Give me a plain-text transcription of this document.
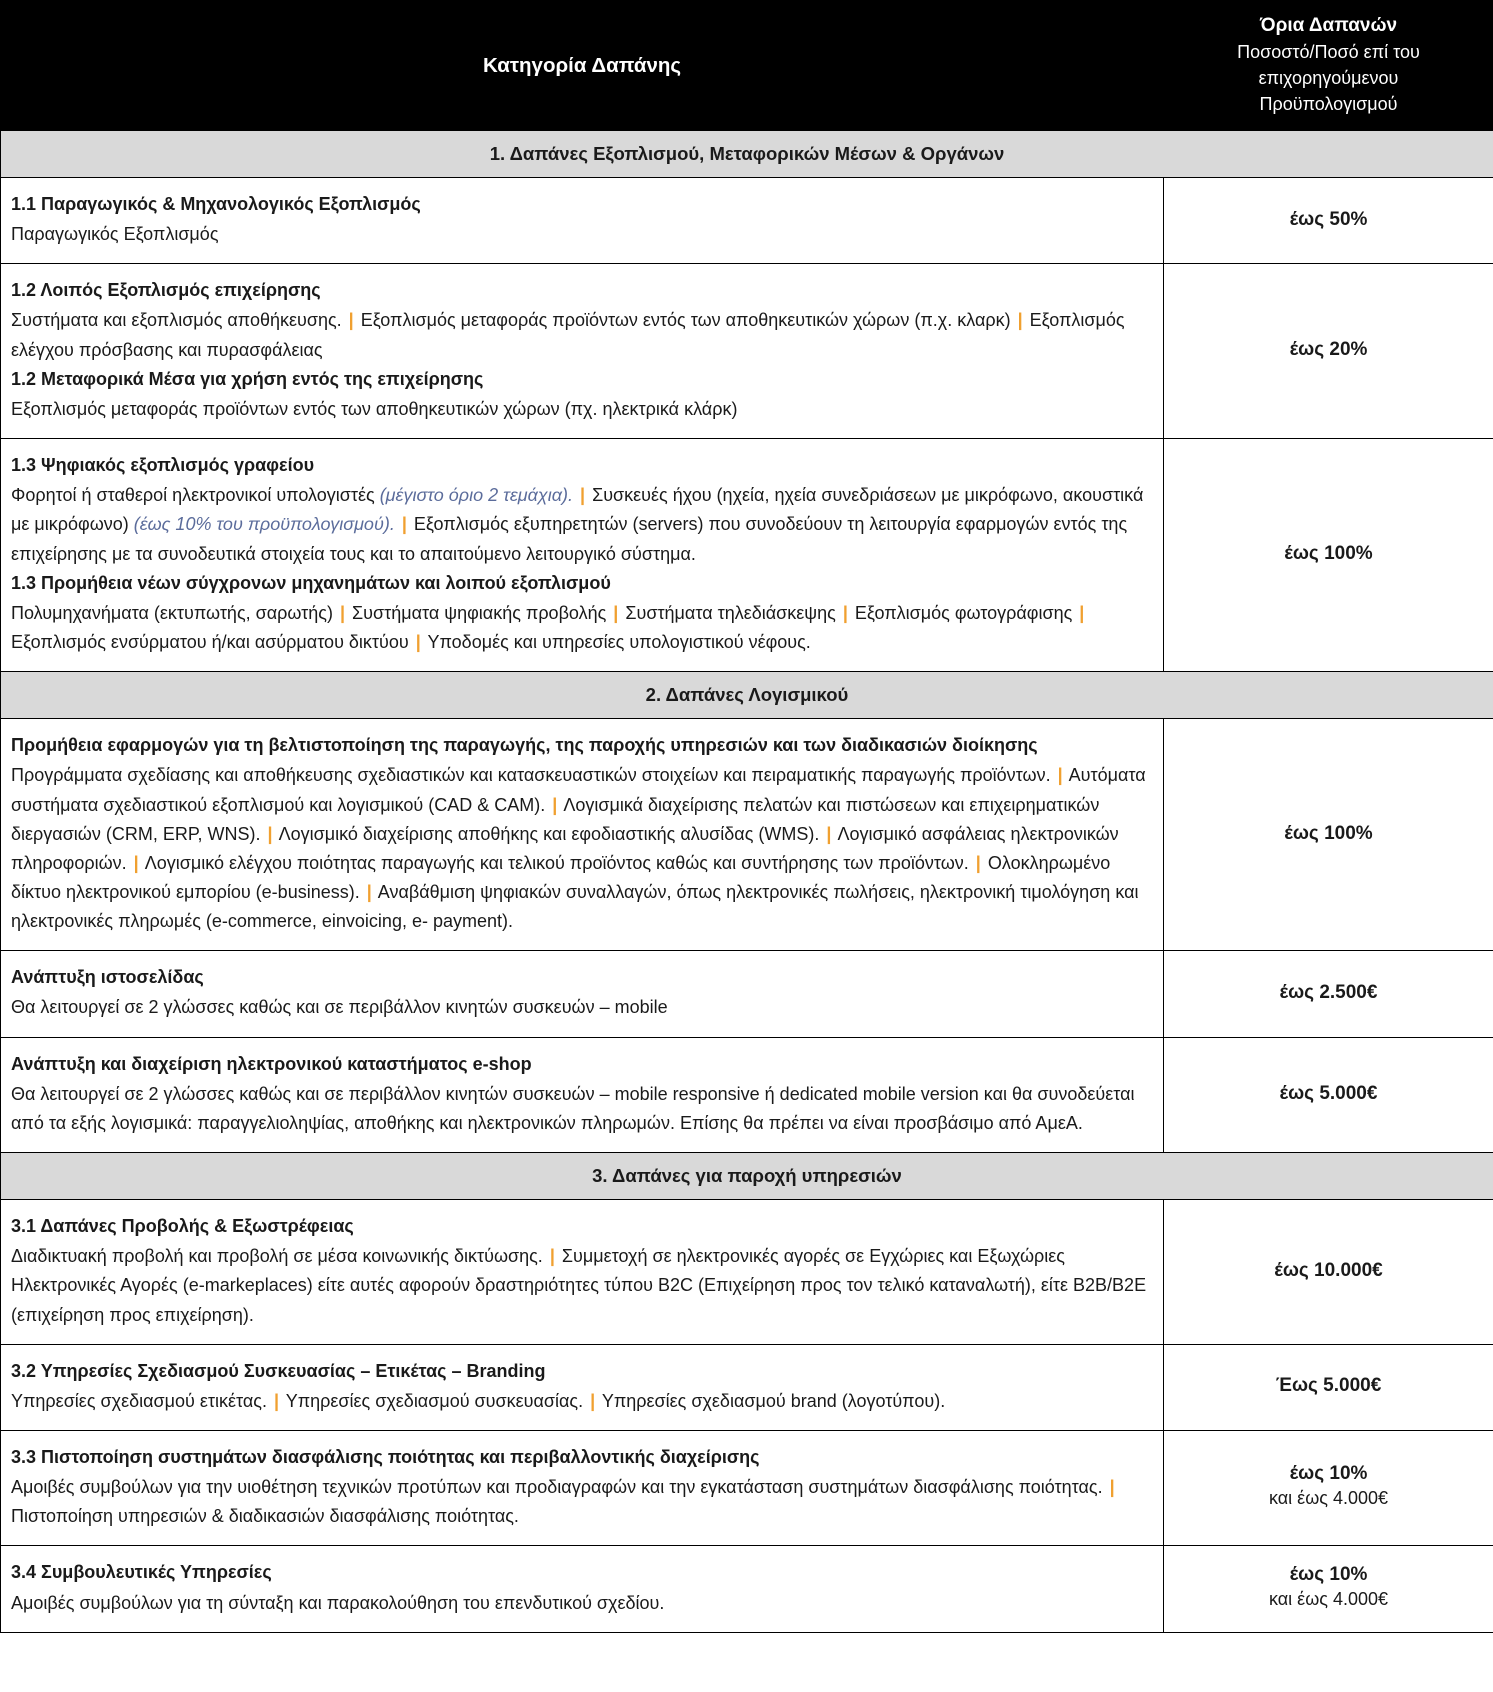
Κατηγορία Δαπάνης	Όρια Δαπανών
Ποσοστό/Ποσό επί του
επιχορηγούμενου
Προϋπολογισμού

1. Δαπάνες Εξοπλισμού, Μεταφορικών Μέσων & Οργάνων	

1.1 Παραγωγικός & Μηχανολογικός Εξοπλισμός
Παραγωγικός Εξοπλισμός	έως 50%

1.2 Λοιπός Εξοπλισμός επιχείρησης
Συστήματα και εξοπλισμός αποθήκευσης. | Εξοπλισμός μεταφοράς προϊόντων εντός των αποθηκευτικών χώρων (π.χ. κλαρκ) | Εξοπλισμός ελέγχου πρόσβασης και πυρασφάλειας
1.2 Μεταφορικά Μέσα για χρήση εντός της επιχείρησης
Εξοπλισμός μεταφοράς προϊόντων εντός των αποθηκευτικών χώρων (πχ. ηλεκτρικά κλάρκ)	έως 20%

1.3 Ψηφιακός εξοπλισμός γραφείου
Φορητοί ή σταθεροί ηλεκτρονικοί υπολογιστές (μέγιστο όριο 2 τεμάχια). | Συσκευές ήχου (ηχεία, ηχεία συνεδριάσεων με μικρόφωνο, ακουστικά με μικρόφωνο) (έως 10% του προϋπολογισμού). | Εξοπλισμός εξυπηρετητών (servers) που συνοδεύουν τη λειτουργία εφαρμογών εντός της επιχείρησης με τα συνοδευτικά στοιχεία τους και το απαιτούμενο λειτουργικό σύστημα.
1.3 Προμήθεια νέων σύγχρονων μηχανημάτων και λοιπού εξοπλισμού
Πολυμηχανήματα (εκτυπωτής, σαρωτής) | Συστήματα ψηφιακής προβολής | Συστήματα τηλεδιάσκεψης | Εξοπλισμός φωτογράφισης | Εξοπλισμός ενσύρματου ή/και ασύρματου δικτύου | Υποδομές και υπηρεσίες υπολογιστικού νέφους.	έως 100%

2. Δαπάνες Λογισμικού	

Προμήθεια εφαρμογών για τη βελτιστοποίηση της παραγωγής, της παροχής υπηρεσιών και των διαδικασιών διοίκησης
Προγράμματα σχεδίασης και αποθήκευσης σχεδιαστικών και κατασκευαστικών στοιχείων και πειραματικής παραγωγής προϊόντων. | Αυτόματα συστήματα σχεδιαστικού εξοπλισμού και λογισμικού (CAD & CAM). | Λογισμικά διαχείρισης πελατών και πιστώσεων και επιχειρηματικών διεργασιών (CRM, ERP, WNS). | Λογισμικό διαχείρισης αποθήκης και εφοδιαστικής αλυσίδας (WMS). | Λογισμικό ασφάλειας ηλεκτρονικών πληροφοριών. | Λογισμικό ελέγχου ποιότητας παραγωγής και τελικού προϊόντος καθώς και συντήρησης των προϊόντων. | Ολοκληρωμένο δίκτυο ηλεκτρονικού εμπορίου (e-business). | Αναβάθμιση ψηφιακών συναλλαγών, όπως ηλεκτρονικές πωλήσεις, ηλεκτρονική τιμολόγηση και ηλεκτρονικές πληρωμές (e-commerce, einvoicing, e- payment).	έως 100%

Ανάπτυξη ιστοσελίδας
Θα λειτουργεί σε 2 γλώσσες καθώς και σε περιβάλλον κινητών συσκευών – mobile	έως 2.500€

Ανάπτυξη και διαχείριση ηλεκτρονικού καταστήματος e-shop
Θα λειτουργεί σε 2 γλώσσες καθώς και σε περιβάλλον κινητών συσκευών – mobile responsive ή dedicated mobile version και θα συνοδεύεται από τα εξής λογισμικά: παραγγελιοληψίας, αποθήκης και ηλεκτρονικών πληρωμών. Επίσης θα πρέπει να είναι προσβάσιμο από ΑμεΑ.	έως 5.000€

3. Δαπάνες για παροχή υπηρεσιών	

3.1 Δαπάνες Προβολής & Εξωστρέφειας
Διαδικτυακή προβολή και προβολή σε μέσα κοινωνικής δικτύωσης. | Συμμετοχή σε ηλεκτρονικές αγορές σε Εγχώριες και Εξωχώριες Ηλεκτρονικές Αγορές (e-markeplaces) είτε αυτές αφορούν δραστηριότητες τύπου B2C (Επιχείρηση προς τον τελικό καταναλωτή), είτε B2B/B2E (επιχείρηση προς επιχείρηση).	έως 10.000€

3.2 Υπηρεσίες Σχεδιασμού Συσκευασίας – Ετικέτας – Branding
Υπηρεσίες σχεδιασμού ετικέτας. | Υπηρεσίες σχεδιασμού συσκευασίας. | Υπηρεσίες σχεδιασμού brand (λογοτύπου).	Έως 5.000€

3.3 Πιστοποίηση συστημάτων διασφάλισης ποιότητας και περιβαλλοντικής διαχείρισης
Αμοιβές συμβούλων για την υιοθέτηση τεχνικών προτύπων και προδιαγραφών και την εγκατάσταση συστημάτων διασφάλισης ποιότητας. | Πιστοποίηση υπηρεσιών & διαδικασιών διασφάλισης ποιότητας.	έως 10%
και έως 4.000€

3.4 Συμβουλευτικές Υπηρεσίες
Αμοιβές συμβούλων για τη σύνταξη και παρακολούθηση του επενδυτικού σχεδίου.	έως 10%
και έως 4.000€
